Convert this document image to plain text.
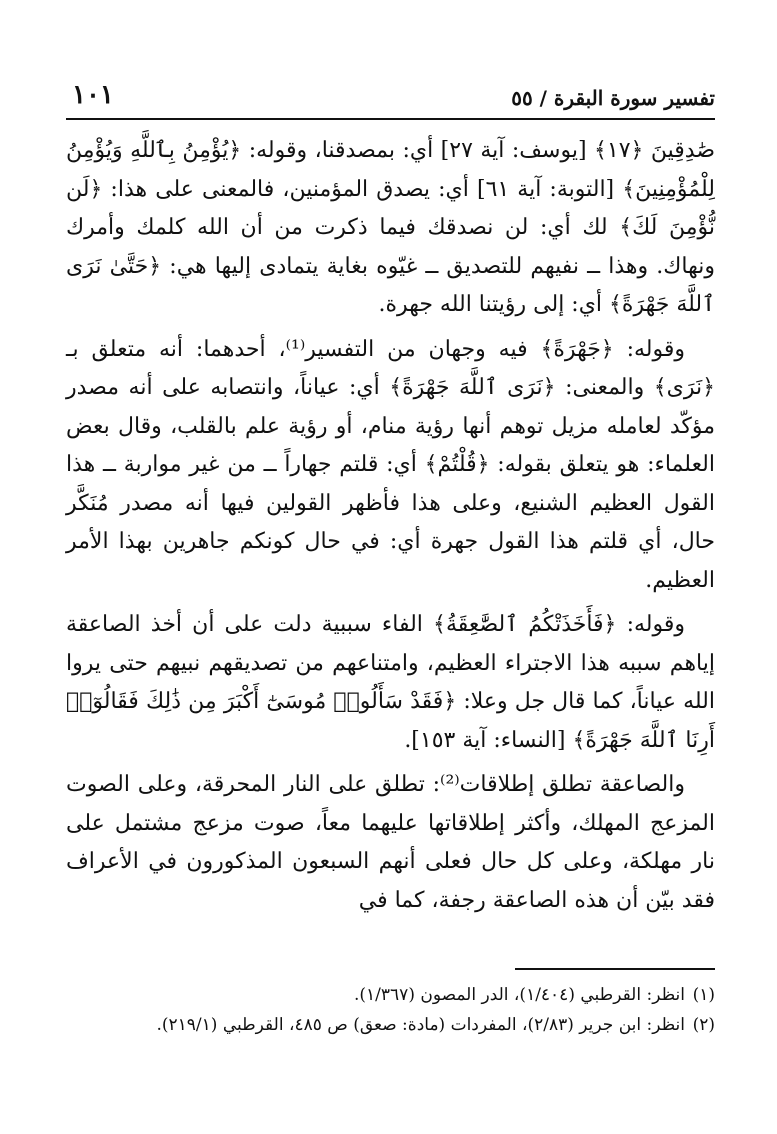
تفسير سورة البقرة / ٥٥
١٠١

صَٰدِقِينَ ﴿١٧﴾ [يوسف: آية ٢٧] أي: بمصدقنا، وقوله: ﴿يُؤْمِنُ بِٱللَّهِ وَيُؤْمِنُ لِلْمُؤْمِنِينَ﴾ [التوبة: آية ٦١] أي: يصدق المؤمنين، فالمعنى على هذا: ﴿لَن نُّؤْمِنَ لَكَ﴾ لك أي: لن نصدقك فيما ذكرت من أن الله كلمك وأمرك ونهاك. وهذا ــ نفيهم للتصديق ــ غيّوه بغاية يتمادى إليها هي: ﴿حَتَّىٰ نَرَى ٱللَّهَ جَهْرَةً﴾ أي: إلى رؤيتنا الله جهرة.

وقوله: ﴿جَهْرَةً﴾ فيه وجهان من التفسير⁽¹⁾، أحدهما: أنه متعلق بـ ﴿نَرَى﴾ والمعنى: ﴿نَرَى ٱللَّهَ جَهْرَةً﴾ أي: عياناً، وانتصابه على أنه مصدر مؤكّد لعامله مزيل توهم أنها رؤية منام، أو رؤية علم بالقلب، وقال بعض العلماء: هو يتعلق بقوله: ﴿قُلْتُمْ﴾ أي: قلتم جهاراً ــ من غير مواربة ــ هذا القول العظيم الشنيع، وعلى هذا فأظهر القولين فيها أنه مصدر مُنَكَّر حال، أي قلتم هذا القول جهرة أي: في حال كونكم جاهرين بهذا الأمر العظيم.

وقوله: ﴿فَأَخَذَتْكُمُ ٱلصَّٰعِقَةُ﴾ الفاء سببية دلت على أن أخذ الصاعقة إياهم سببه هذا الاجتراء العظيم، وامتناعهم من تصديقهم نبيهم حتى يروا الله عياناً، كما قال جل وعلا: ﴿فَقَدْ سَأَلُوا۟ مُوسَىٰٓ أَكْبَرَ مِن ذَٰلِكَ فَقَالُوٓا۟ أَرِنَا ٱللَّهَ جَهْرَةً﴾ [النساء: آية ١٥٣].

والصاعقة تطلق إطلاقات⁽²⁾: تطلق على النار المحرقة، وعلى الصوت المزعج المهلك، وأكثر إطلاقاتها عليهما معاً، صوت مزعج مشتمل على نار مهلكة، وعلى كل حال فعلى أنهم السبعون المذكورون في الأعراف فقد بيّن أن هذه الصاعقة رجفة، كما في

(١)
انظر: القرطبي (١/٤٠٤)، الدر المصون (١/٣٦٧).

(٢)
انظر: ابن جرير (٢/٨٣)، المفردات (مادة: صعق) ص ٤٨٥، القرطبي (٢١٩/١).
